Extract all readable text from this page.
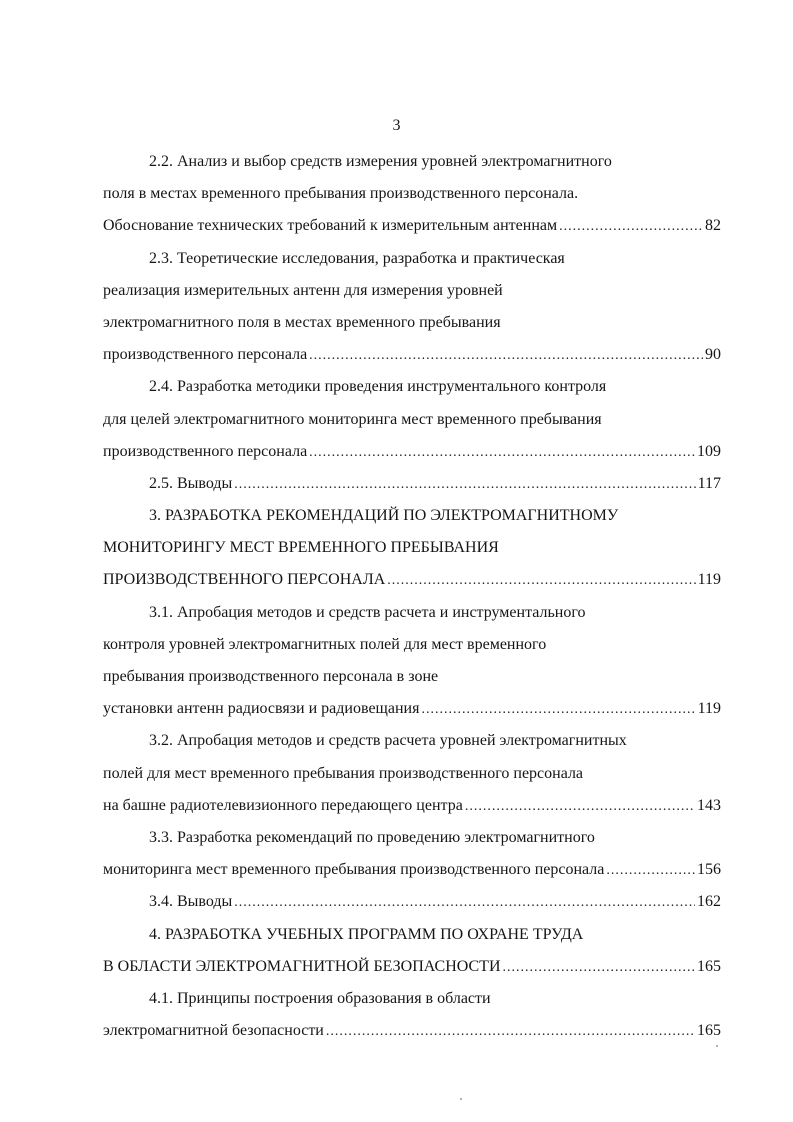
3
2.2. Анализ и выбор средств измерения уровней электромагнитного
поля в местах временного пребывания производственного персонала.
Обоснование технических требований к измерительным антеннам .....	82
2.3. Теоретические исследования, разработка и практическая
реализация измерительных антенн для измерения уровней
электромагнитного поля в местах временного пребывания
производственного персонала .....	90
2.4. Разработка методики проведения инструментального контроля
для целей электромагнитного мониторинга мест временного пребывания
производственного персонала .....	109
2.5. Выводы .....	117
3. РАЗРАБОТКА РЕКОМЕНДАЦИЙ ПО ЭЛЕКТРОМАГНИТНОМУ
МОНИТОРИНГУ МЕСТ ВРЕМЕННОГО ПРЕБЫВАНИЯ
ПРОИЗВОДСТВЕННОГО ПЕРСОНАЛА .....	119
3.1. Апробация методов и средств расчета и инструментального
контроля уровней электромагнитных полей для мест временного
пребывания производственного персонала в зоне
установки антенн радиосвязи и радиовещания .....	119
3.2. Апробация методов и средств расчета уровней электромагнитных
полей для мест временного пребывания производственного персонала
на башне радиотелевизионного передающего центра .....	143
3.3. Разработка рекомендаций по проведению электромагнитного
мониторинга мест временного пребывания производственного персонала .....	156
3.4. Выводы .....	162
4. РАЗРАБОТКА УЧЕБНЫХ ПРОГРАММ ПО ОХРАНЕ ТРУДА
В ОБЛАСТИ ЭЛЕКТРОМАГНИТНОЙ БЕЗОПАСНОСТИ .....	165
4.1. Принципы построения образования в области
электромагнитной безопасности .....	165
